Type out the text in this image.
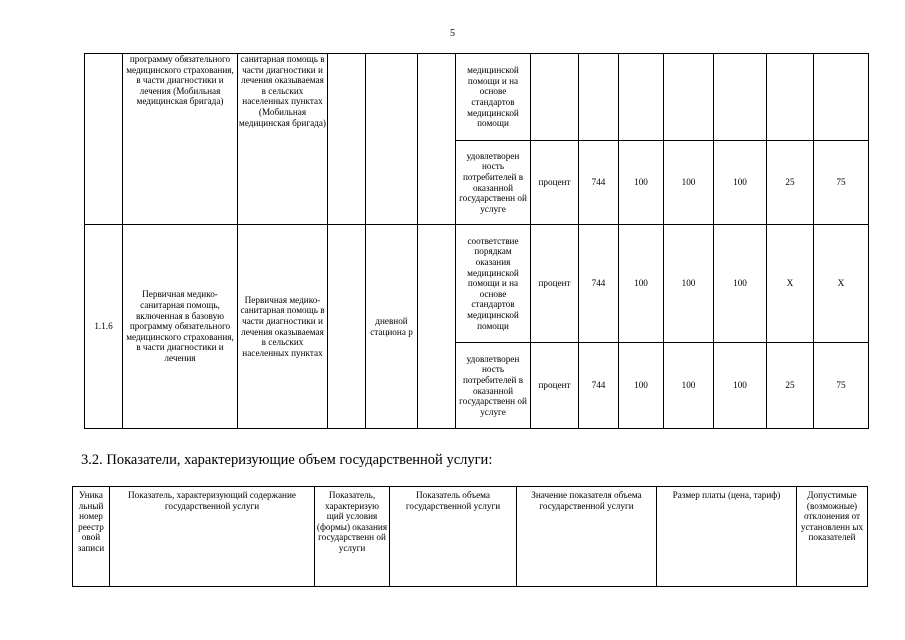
5
	программу обязательного медицинского страхования, в части диагностики и лечения (Мобильная медицинская бригада)	санитарная помощь в части диагностики и лечения оказываемая в сельских населенных пунктах (Мобильная медицинская бригада)				медицинской помощи и на основе стандартов медицинской помощи							
						удовлетворен ность потребителей в оказанной государственн ой услуге	процент	744	100	100	100	25	75
1.1.6	Первичная медико-санитарная помощь, включенная в базовую программу обязательного медицинского страхования, в части диагностики и лечения	Первичная медико-санитарная помощь в части диагностики и лечения оказываемая в сельских населенных пунктах		дневной стациона р		соответствие порядкам оказания медицинской помощи и на основе стандартов медицинской помощи	процент	744	100	100	100	Х	Х
						удовлетворен ность потребителей в оказанной государственн ой услуге	процент	744	100	100	100	25	75
3.2. Показатели, характеризующие объем государственной услуги:
Уника льный номер реестр овой записи	Показатель, характеризующий содержание государственной услуги	Показатель, характеризую щий условия (формы) оказания государственн ой услуги	Показатель объема государственной услуги	Значение показателя объема государственной услуги	Размер платы (цена, тариф)	Допустимые (возможные) отклонения от установленн ых показателей
